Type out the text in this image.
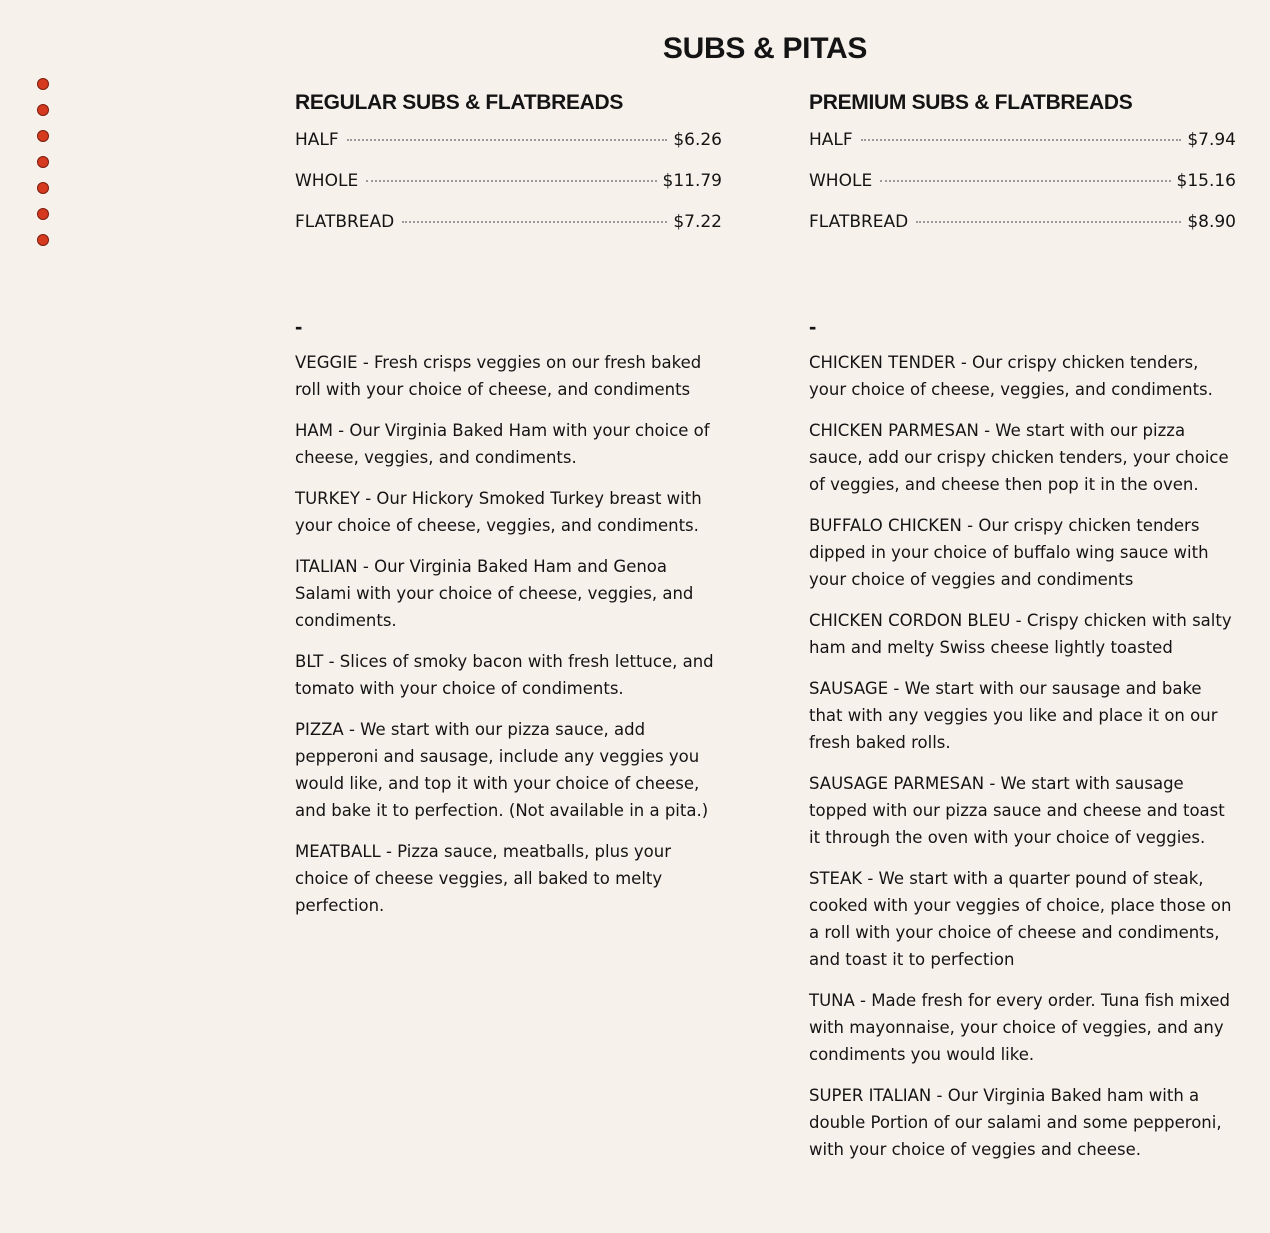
SUBS & PITAS
REGULAR SUBS & FLATBREADS
HALF	$6.26
WHOLE	$11.79
FLATBREAD	$7.22
-
VEGGIE - Fresh crisps veggies on our fresh baked roll with your choice of cheese, and condiments
HAM - Our Virginia Baked Ham with your choice of cheese, veggies, and condiments.
TURKEY - Our Hickory Smoked Turkey breast with your choice of cheese, veggies, and condiments.
ITALIAN - Our Virginia Baked Ham and Genoa Salami with your choice of cheese, veggies, and condiments.
BLT - Slices of smoky bacon with fresh lettuce, and tomato with your choice of condiments.
PIZZA - We start with our pizza sauce, add pepperoni and sausage, include any veggies you would like, and top it with your choice of cheese, and bake it to perfection. (Not available in a pita.)
MEATBALL - Pizza sauce, meatballs, plus your choice of cheese veggies, all baked to melty perfection.
PREMIUM SUBS & FLATBREADS
HALF	$7.94
WHOLE	$15.16
FLATBREAD	$8.90
-
CHICKEN TENDER - Our crispy chicken tenders, your choice of cheese, veggies, and condiments.
CHICKEN PARMESAN - We start with our pizza sauce, add our crispy chicken tenders, your choice of veggies, and cheese then pop it in the oven.
BUFFALO CHICKEN - Our crispy chicken tenders dipped in your choice of buffalo wing sauce with your choice of veggies and condiments
CHICKEN CORDON BLEU - Crispy chicken with salty ham and melty Swiss cheese lightly toasted
SAUSAGE - We start with our sausage and bake that with any veggies you like and place it on our fresh baked rolls.
SAUSAGE PARMESAN - We start with sausage topped with our pizza sauce and cheese and toast it through the oven with your choice of veggies.
STEAK - We start with a quarter pound of steak, cooked with your veggies of choice, place those on a roll with your choice of cheese and condiments, and toast it to perfection
TUNA - Made fresh for every order. Tuna fish mixed with mayonnaise, your choice of veggies, and any condiments you would like.
SUPER ITALIAN - Our Virginia Baked ham with a double Portion of our salami and some pepperoni, with your choice of veggies and cheese.
